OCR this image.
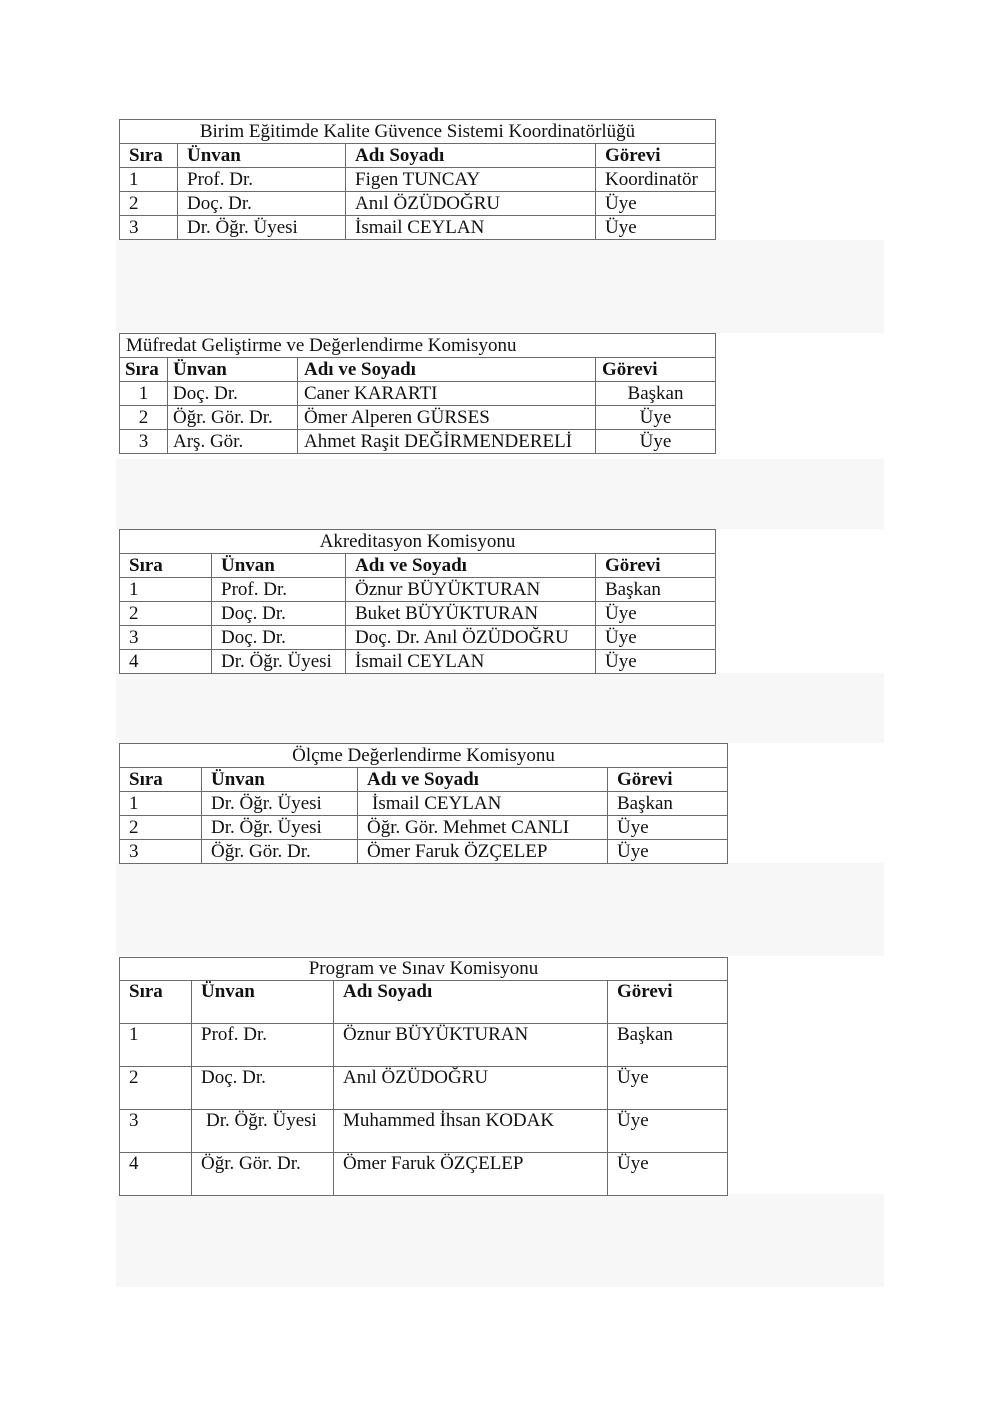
Birim Eğitimde Kalite Güvence Sistemi Koordinatörlüğü			
Sıra	Ünvan	Adı Soyadı	Görevi
1	Prof. Dr.	Figen TUNCAY	Koordinatör
2	Doç. Dr.	Anıl ÖZÜDOĞRU	Üye
3	Dr. Öğr. Üyesi	İsmail CEYLAN	Üye
Müfredat Geliştirme ve Değerlendirme Komisyonu			
Sıra	Ünvan	Adı ve Soyadı	Görevi
1	Doç. Dr.	Caner KARARTI	Başkan
2	Öğr. Gör. Dr.	Ömer Alperen GÜRSES	Üye
3	Arş. Gör.	Ahmet Raşit DEĞİRMENDERELİ	Üye
Akreditasyon Komisyonu			
Sıra	Ünvan	Adı ve Soyadı	Görevi
1	Prof. Dr.	Öznur BÜYÜKTURAN	Başkan
2	Doç. Dr.	Buket BÜYÜKTURAN	Üye
3	Doç. Dr.	Doç. Dr. Anıl ÖZÜDOĞRU	Üye
4	Dr. Öğr. Üyesi	İsmail CEYLAN	Üye
Ölçme Değerlendirme Komisyonu			
Sıra	Ünvan	Adı ve Soyadı	Görevi
1	Dr. Öğr. Üyesi	İsmail CEYLAN	Başkan
2	Dr. Öğr. Üyesi	Öğr. Gör. Mehmet CANLI	Üye
3	Öğr. Gör. Dr.	Ömer Faruk ÖZÇELEP	Üye
Program ve Sınav Komisyonu			
Sıra	Ünvan	Adı Soyadı	Görevi
1	Prof. Dr.	Öznur BÜYÜKTURAN	Başkan
2	Doç. Dr.	Anıl ÖZÜDOĞRU	Üye
3	Dr. Öğr. Üyesi	Muhammed İhsan KODAK	Üye
4	Öğr. Gör. Dr.	Ömer Faruk ÖZÇELEP	Üye
